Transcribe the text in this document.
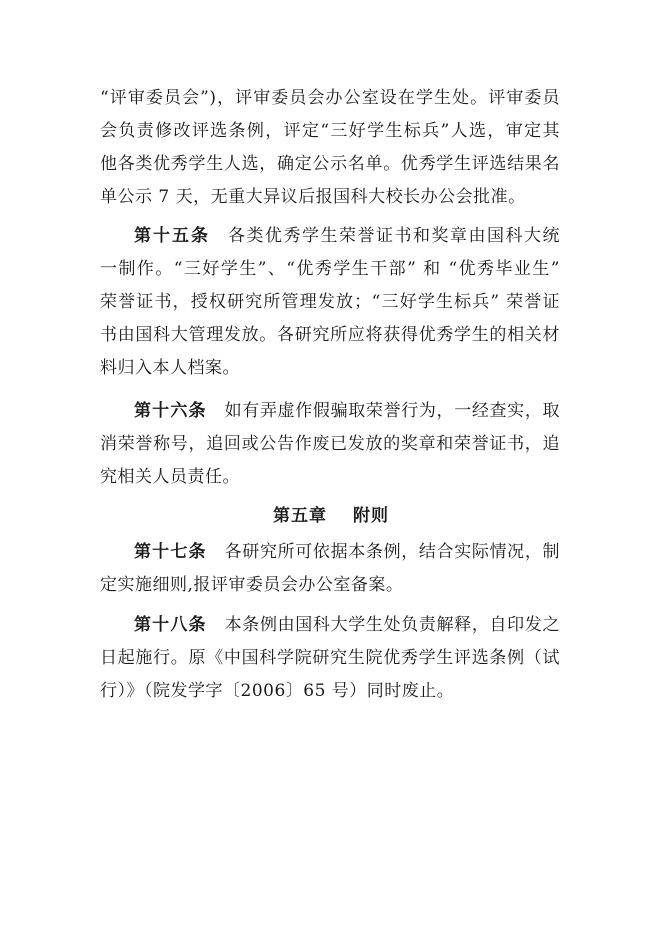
“评审委员会”)，评审委员会办公室设在学生处。评审委员
会负责修改评选条例，评定“三好学生标兵”人选，审定其
他各类优秀学生人选，确定公示名单。优秀学生评选结果名
单公示 7 天，无重大异议后报国科大校长办公会批准。
第十五条 各类优秀学生荣誉证书和奖章由国科大统
一制作。“三好学生”、“优秀学生干部” 和 “优秀毕业生”
荣誉证书，授权研究所管理发放；“三好学生标兵” 荣誉证
书由国科大管理发放。各研究所应将获得优秀学生的相关材
料归入本人档案。
第十六条 如有弄虚作假骗取荣誉行为，一经查实，取
消荣誉称号，追回或公告作废已发放的奖章和荣誉证书，追
究相关人员责任。
第五章 附则
第十七条 各研究所可依据本条例，结合实际情况，制
定实施细则,报评审委员会办公室备案。
第十八条 本条例由国科大学生处负责解释，自印发之
日起施行。原《中国科学院研究生院优秀学生评选条例（试
行）》（院发学字〔2006〕65 号）同时废止。
